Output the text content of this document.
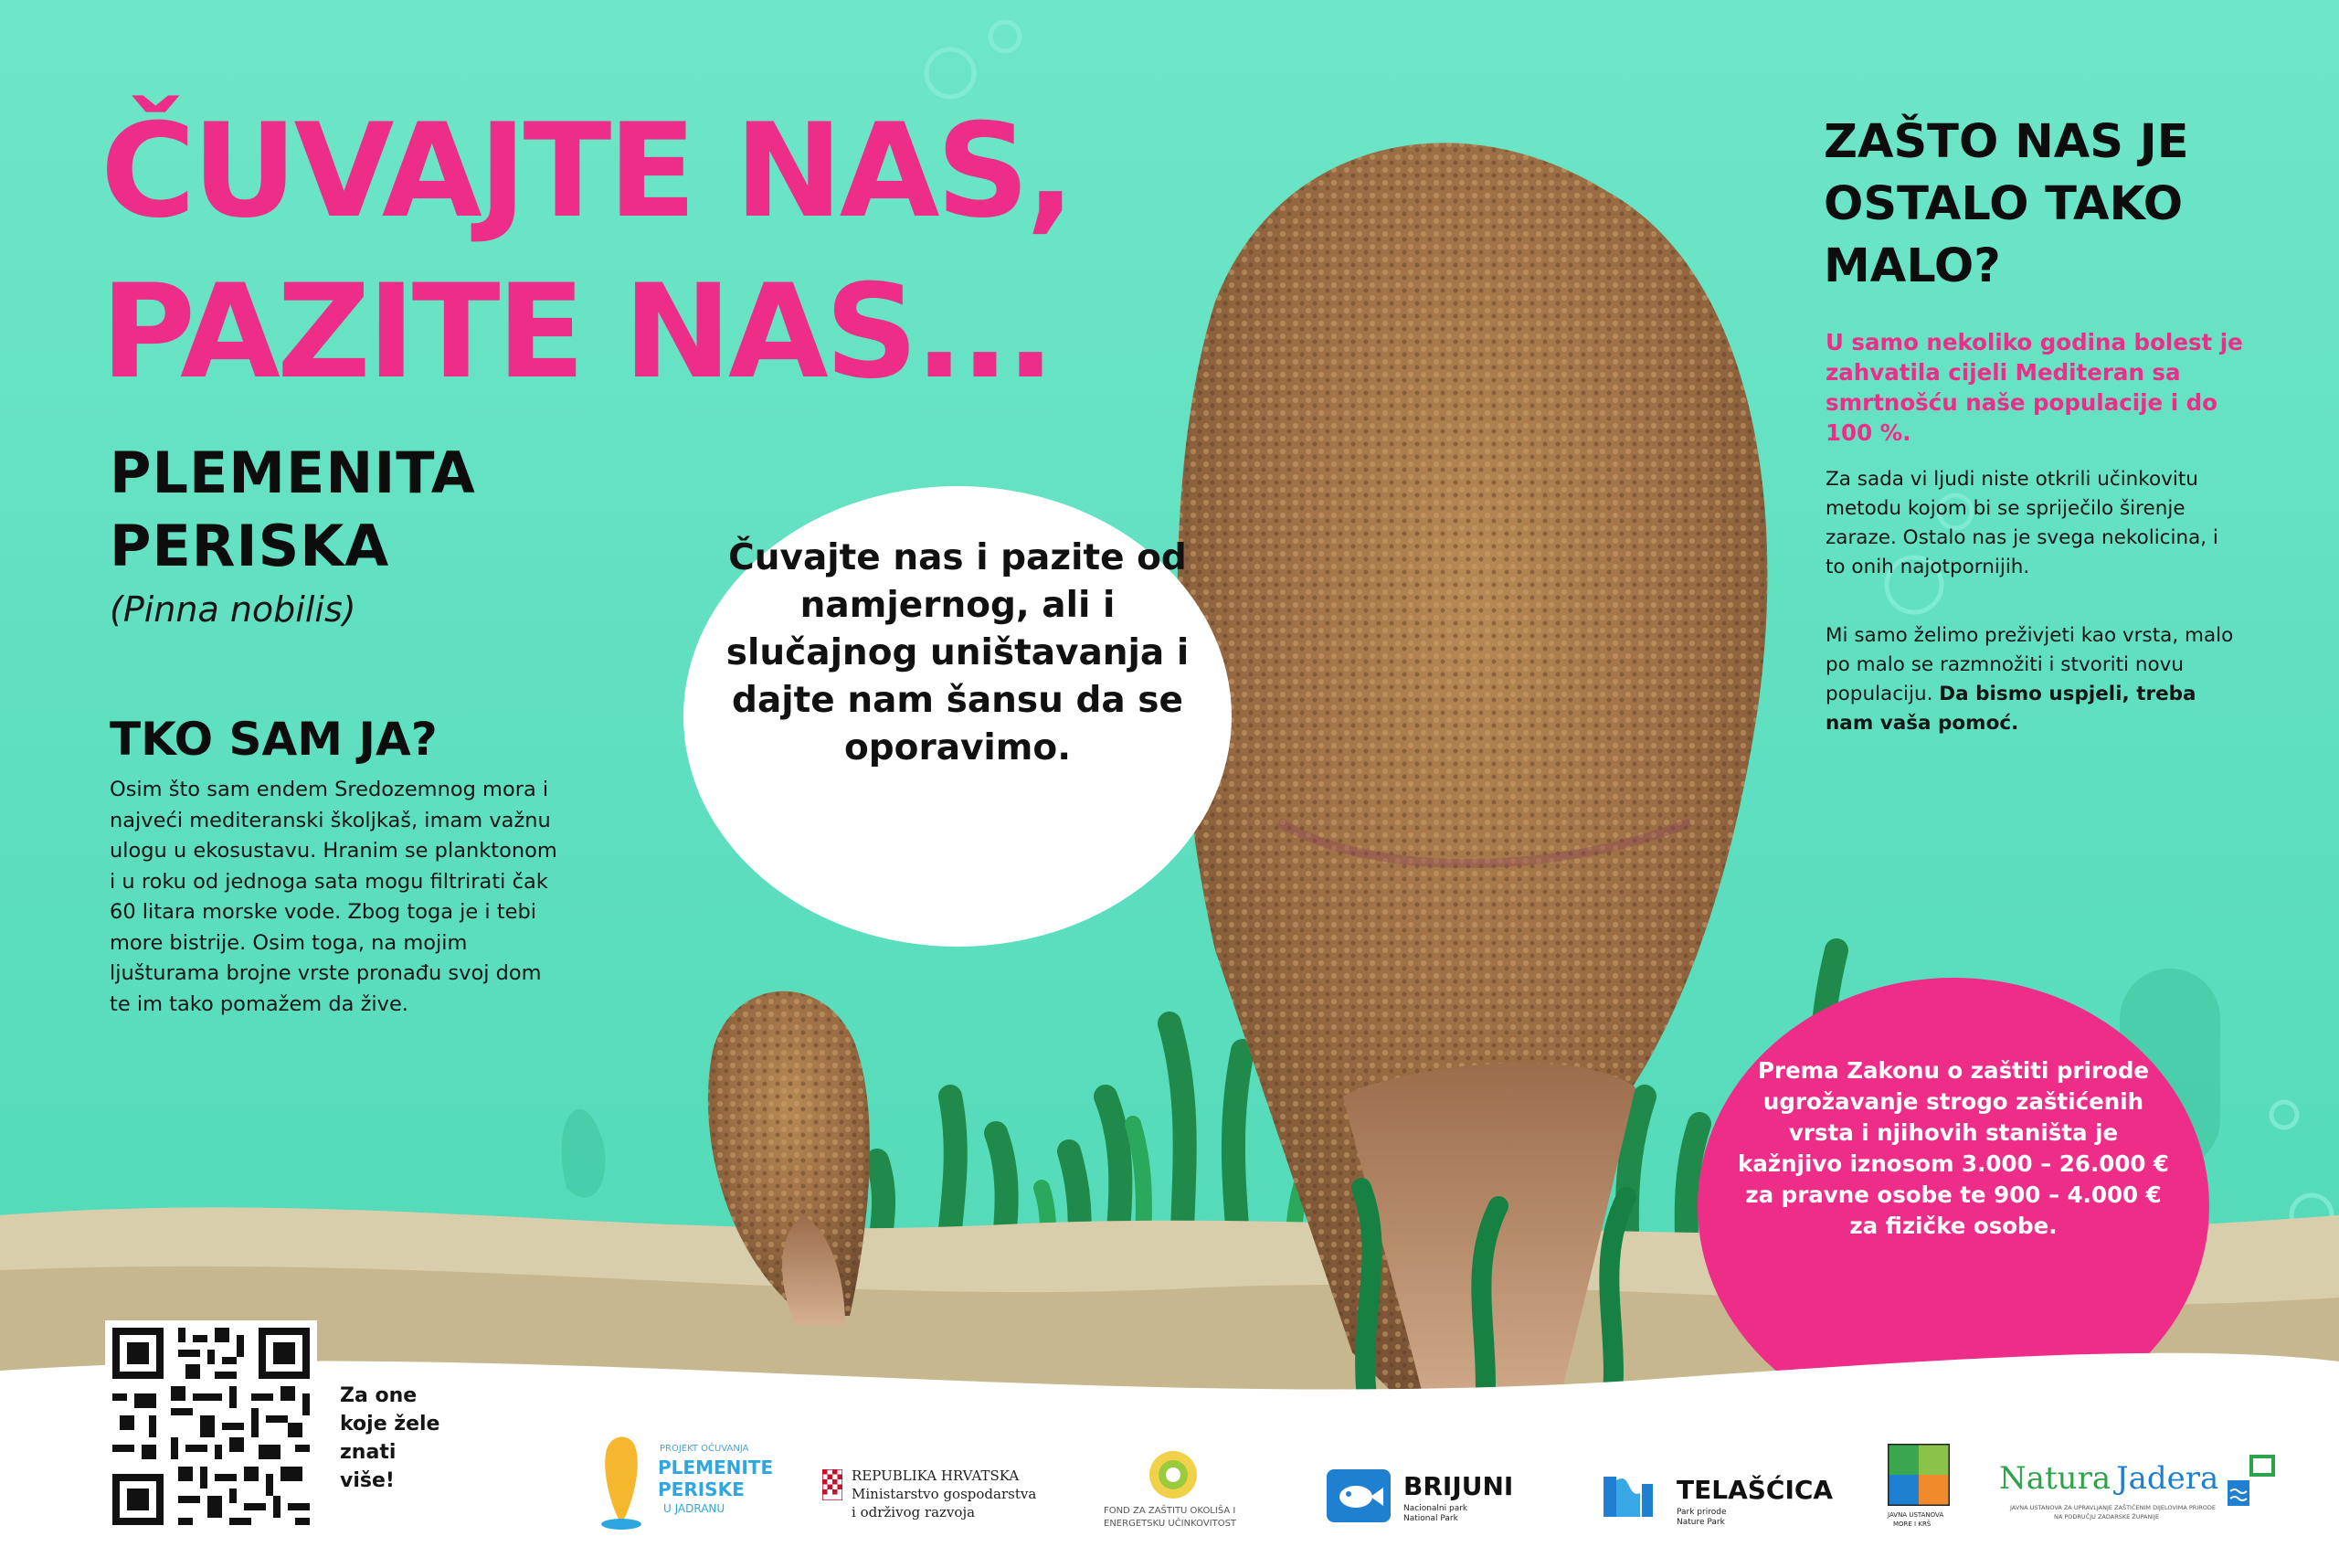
ČUVAJTE NAS,
PAZITE NAS...
PLEMENITA
PERISKA
(Pinna nobilis)
TKO SAM JA?

Osim što sam endem Sredozemnog mora i najveći mediteranski školjkaš, imam važnu ulogu u ekosustavu. Hranim se planktonom i u roku od jednoga sata mogu filtrirati čak 60 litara morske vode. Zbog toga je i tebi more bistrije. Osim toga, na mojim ljušturama brojne vrste pronađu svoj dom te im tako pomažem da žive.

Čuvajte nas i pazite od namjernog, ali i slučajnog uništavanja i dajte nam šansu da se oporavimo.

ZAŠTO NAS JE OSTALO TAKO MALO?

U samo nekoliko godina bolest je zahvatila cijeli Mediteran sa smrtnošću naše populacije i do 100 %.

Za sada vi ljudi niste otkrili učinkovitu metodu kojom bi se spriječilo širenje zaraze. Ostalo nas je svega nekolicina, i to onih najotpornijih.

Mi samo želimo preživjeti kao vrsta, malo po malo se razmnožiti i stvoriti novu populaciju. Da bismo uspjeli, treba nam vaša pomoć.

Prema Zakonu o zaštiti prirode ugrožavanje strogo zaštićenih vrsta i njihovih staništa je kažnjivo iznosom 3.000 – 26.000 € za pravne osobe te 900 – 4.000 € za fizičke osobe.

Za one koje žele znati više!

PROJEKT OČUVANJA
PLEMENITE
PERISKE
U JADRANU
REPUBLIKA HRVATSKA
Ministarstvo gospodarstva
i održivog razvoja	FOND ZA ZAŠTITU OKOLIŠA I
ENERGETSKU UČINKOVITOST
BRIJUNI
Nacionalni park
National Park
TELAŠĆICA
Park prirode
Nature Park
JAVNA USTANOVA
MORE I KRŠ
Natura Jadera
JAVNA USTANOVA ZA UPRAVLJANJE ZAŠTIĆENIM DIJELOVIMA PRIRODE
NA PODRUČJU ZADARSKE ŽUPANIJE
